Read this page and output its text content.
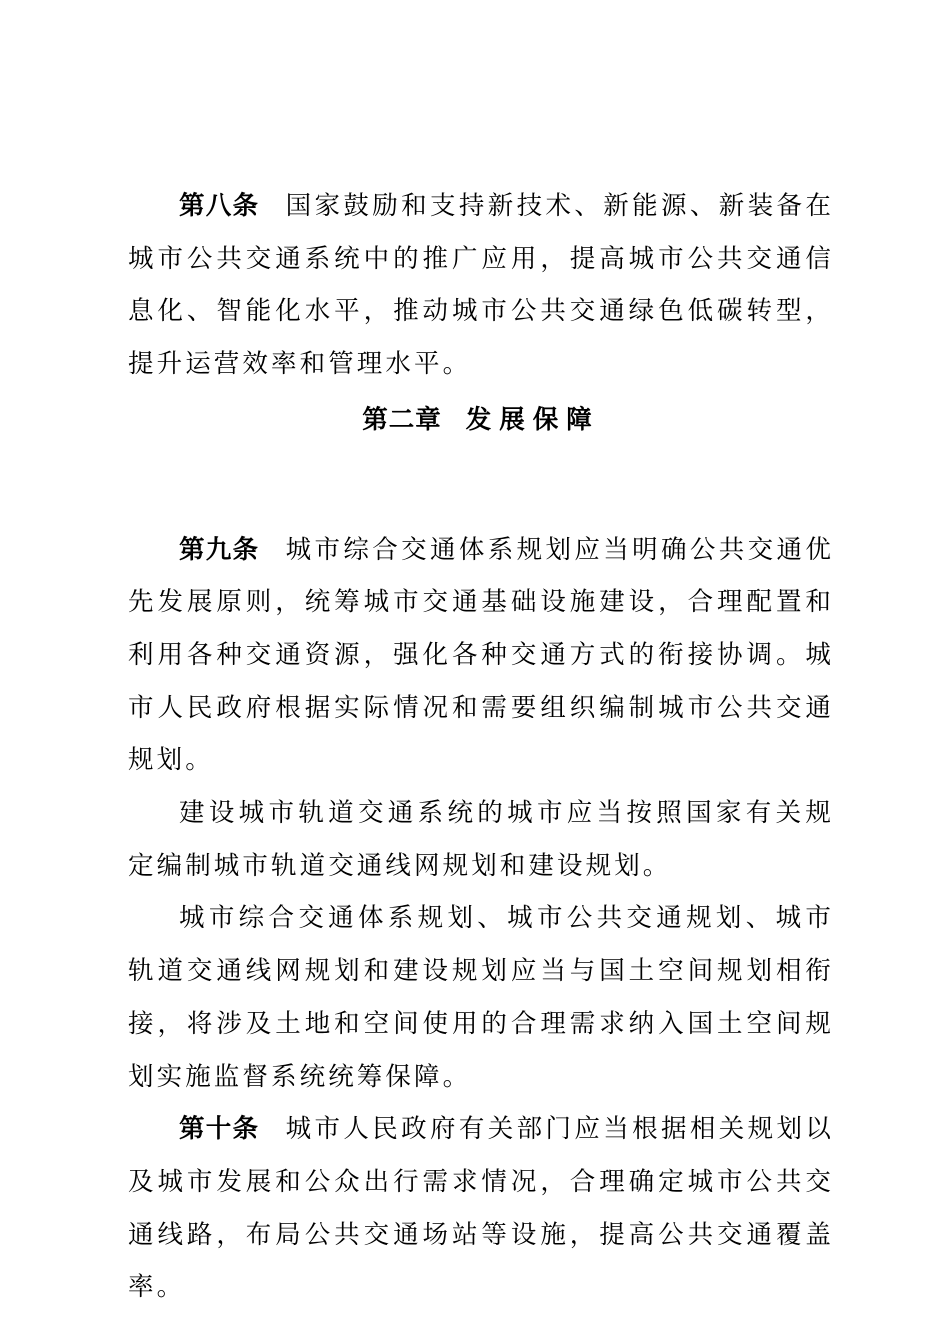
第八条 国家鼓励和支持新技术、新能源、新装备在城市公共交通系统中的推广应用，提高城市公共交通信息化、智能化水平，推动城市公共交通绿色低碳转型，提升运营效率和管理水平。

第二章 发展保障

第九条 城市综合交通体系规划应当明确公共交通优先发展原则，统筹城市交通基础设施建设，合理配置和利用各种交通资源，强化各种交通方式的衔接协调。城市人民政府根据实际情况和需要组织编制城市公共交通规划。

建设城市轨道交通系统的城市应当按照国家有关规定编制城市轨道交通线网规划和建设规划。

城市综合交通体系规划、城市公共交通规划、城市轨道交通线网规划和建设规划应当与国土空间规划相衔接，将涉及土地和空间使用的合理需求纳入国土空间规划实施监督系统统筹保障。

第十条 城市人民政府有关部门应当根据相关规划以及城市发展和公众出行需求情况，合理确定城市公共交通线路，布局公共交通场站等设施，提高公共交通覆盖率。
